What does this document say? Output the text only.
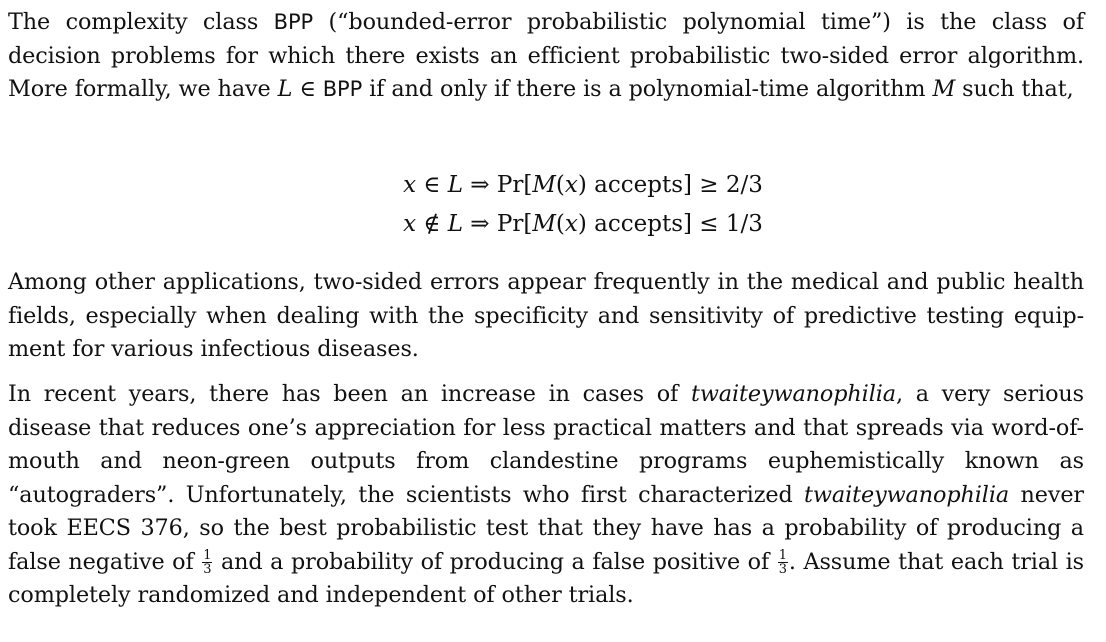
The complexity class BPP (“bounded-error probabilistic polynomial time”) is the class of decision problems for which there exists an efficient probabilistic two-sided error algorithm. More formally, we have L ∈ BPP if and only if there is a polynomial-time algorithm M such that,

x ∈ L ⇒ Pr[M(x) accepts] ≥ 2/3
x ∉ L ⇒ Pr[M(x) accepts] ≤ 1/3

Among other applications, two-sided errors appear frequently in the medical and public health fields, especially when dealing with the specificity and sensitivity of predictive testing equip-ment for various infectious diseases.

In recent years, there has been an increase in cases of twaiteywanophilia, a very serious disease that reduces one’s appreciation for less practical matters and that spreads via word-of-mouth and neon-green outputs from clandestine programs euphemistically known as “autograders”. Unfortunately, the scientists who first characterized twaiteywanophilia never took EECS 376, so the best probabilistic test that they have has a probability of producing a false negative of $\frac{1}{3}$ and a probability of producing a false positive of $\frac{1}{3}$ . Assume that each trial is completely randomized and independent of other trials.
